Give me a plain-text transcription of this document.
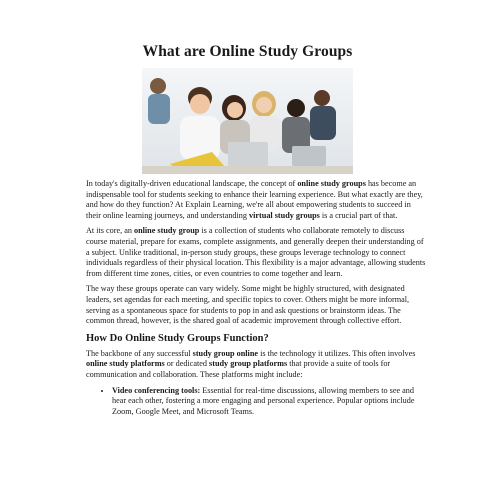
What are Online Study Groups

In today's digitally-driven educational landscape, the concept of online study groups has become an indispensable tool for students seeking to enhance their learning experience. But what exactly are they, and how do they function? At Explain Learning, we're all about empowering students to succeed in their online learning journeys, and understanding virtual study groups is a crucial part of that.

At its core, an online study group is a collection of students who collaborate remotely to discuss course material, prepare for exams, complete assignments, and generally deepen their understanding of a subject. Unlike traditional, in-person study groups, these groups leverage technology to connect individuals regardless of their physical location. This flexibility is a major advantage, allowing students from different time zones, cities, or even countries to come together and learn.

The way these groups operate can vary widely. Some might be highly structured, with designated leaders, set agendas for each meeting, and specific topics to cover. Others might be more informal, serving as a spontaneous space for students to pop in and ask questions or brainstorm ideas. The common thread, however, is the shared goal of academic improvement through collective effort.

How Do Online Study Groups Function?

The backbone of any successful study group online is the technology it utilizes. This often involves online study platforms or dedicated study group platforms that provide a suite of tools for communication and collaboration. These platforms might include:

• Video conferencing tools: Essential for real-time discussions, allowing members to see and hear each other, fostering a more engaging and personal experience. Popular options include Zoom, Google Meet, and Microsoft Teams.
